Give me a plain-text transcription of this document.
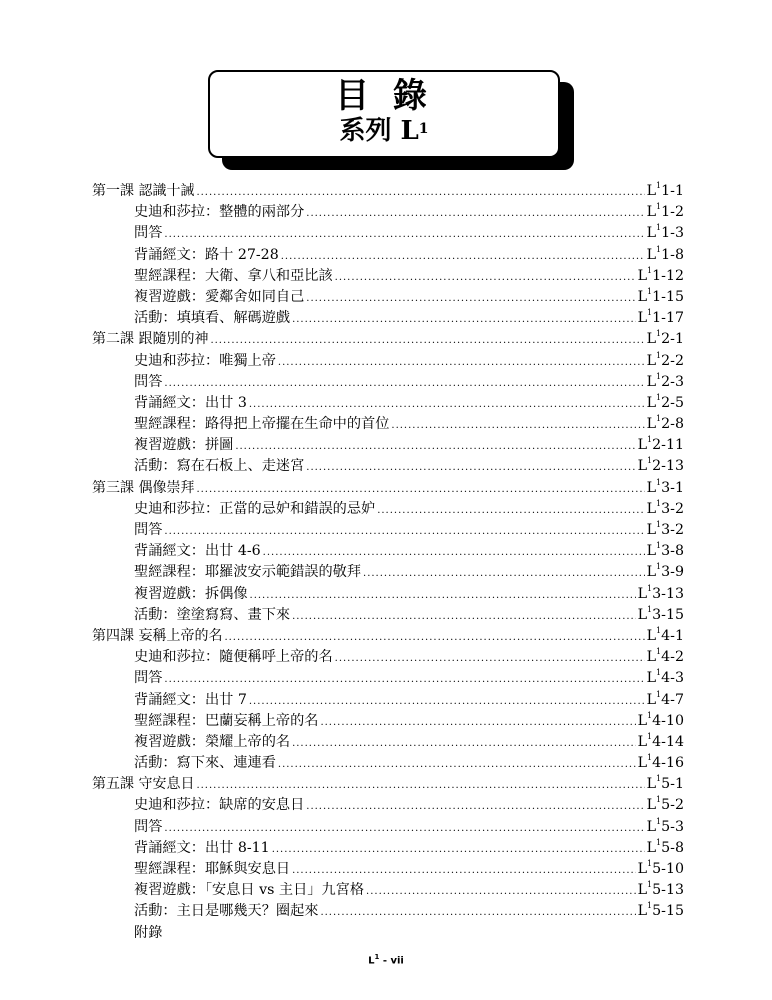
目 錄
系列 $L^1$
第一課 認識十誡 .....	$L^11-1$
史迪和莎拉：整體的兩部分 .....	$L^11-2$
問答 .....	$L^11-3$
背誦經文：路十 27-28 .....	$L^11-8$
聖經課程：大衛、拿八和亞比該 .....	$L^11-12$
複習遊戲：愛鄰舍如同自己 .....	$L^11-15$
活動：填填看、解碼遊戲 .....	$L^11-17$
第二課 跟隨別的神 .....	$L^12-1$
史迪和莎拉：唯獨上帝 .....	$L^12-2$
問答 .....	$L^12-3$
背誦經文：出廿 3 .....	$L^12-5$
聖經課程：路得把上帝擺在生命中的首位 .....	$L^12-8$
複習遊戲：拼圖 .....	$L^12-11$
活動：寫在石板上、走迷宮 .....	$L^12-13$
第三課 偶像崇拜 .....	$L^13-1$
史迪和莎拉：正當的忌妒和錯誤的忌妒 .....	$L^13-2$
問答 .....	$L^13-2$
背誦經文：出廿 4-6 .....	$L^13-8$
聖經課程：耶羅波安示範錯誤的敬拜 .....	$L^13-9$
複習遊戲：拆偶像 .....	$L^13-13$
活動：塗塗寫寫、畫下來 .....	$L^13-15$
第四課 妄稱上帝的名 .....	$L^14-1$
史迪和莎拉：隨便稱呼上帝的名 .....	$L^14-2$
問答 .....	$L^14-3$
背誦經文：出廿 7 .....	$L^14-7$
聖經課程：巴蘭妄稱上帝的名 .....	$L^14-10$
複習遊戲：榮耀上帝的名 .....	$L^14-14$
活動：寫下來、連連看 .....	$L^14-16$
第五課 守安息日 .....	$L^15-1$
史迪和莎拉：缺席的安息日 .....	$L^15-2$
問答 .....	$L^15-3$
背誦經文：出廿 8-11 .....	$L^15-8$
聖經課程：耶穌與安息日 .....	$L^15-10$
複習遊戲：「安息日 vs 主日」九宮格 .....	$L^15-13$
活動：主日是哪幾天？圈起來 .....	$L^15-15$
附錄
$L^1$ - vii
